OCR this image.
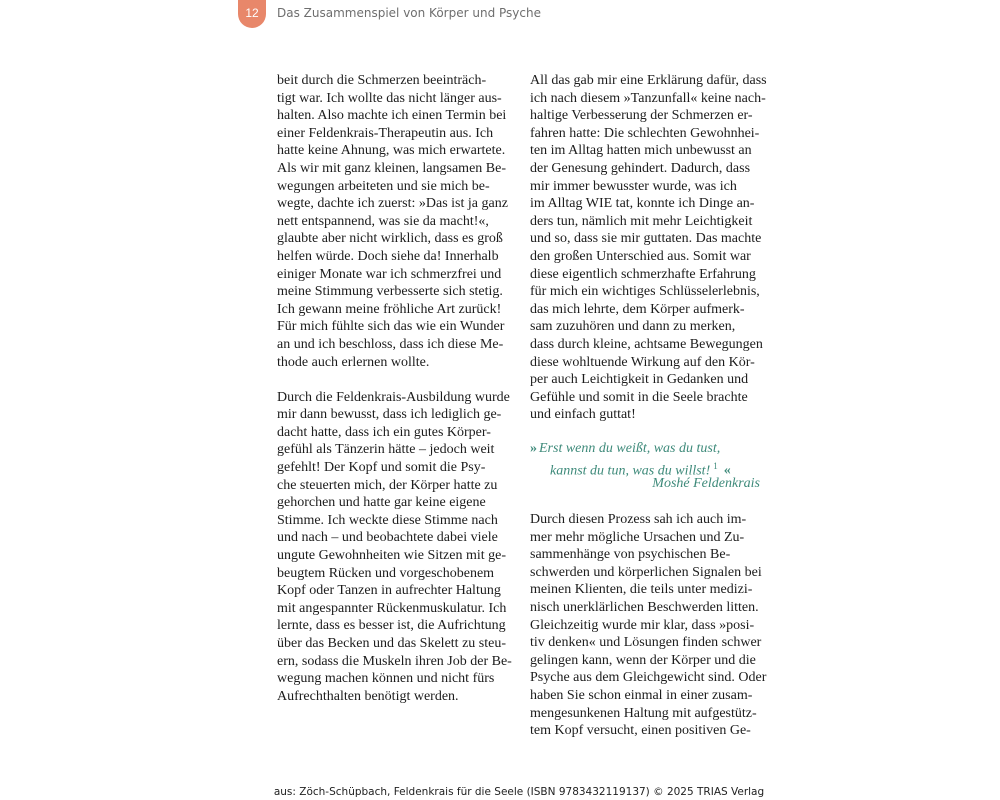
12 Das Zusammenspiel von Körper und Psyche
beit durch die Schmerzen beeinträch-
tigt war. Ich wollte das nicht länger aus-
halten. Also machte ich einen Termin bei
einer Feldenkrais-Therapeutin aus. Ich
hatte keine Ahnung, was mich erwartete.
Als wir mit ganz kleinen, langsamen Be-
wegungen arbeiteten und sie mich be-
wegte, dachte ich zuerst: »Das ist ja ganz
nett entspannend, was sie da macht!«,
glaubte aber nicht wirklich, dass es groß
helfen würde. Doch siehe da! Innerhalb
einiger Monate war ich schmerzfrei und
meine Stimmung verbesserte sich stetig.
Ich gewann meine fröhliche Art zurück!
Für mich fühlte sich das wie ein Wunder
an und ich beschloss, dass ich diese Me-
thode auch erlernen wollte.
Durch die Feldenkrais-Ausbildung wurde
mir dann bewusst, dass ich lediglich ge-
dacht hatte, dass ich ein gutes Körper-
gefühl als Tänzerin hätte – jedoch weit
gefehlt! Der Kopf und somit die Psy-
che steuerten mich, der Körper hatte zu
gehorchen und hatte gar keine eigene
Stimme. Ich weckte diese Stimme nach
und nach – und beobachtete dabei viele
ungute Gewohnheiten wie Sitzen mit ge-
beugtem Rücken und vorgeschobenem
Kopf oder Tanzen in aufrechter Haltung
mit angespannter Rückenmuskulatur. Ich
lernte, dass es besser ist, die Aufrichtung
über das Becken und das Skelett zu steu-
ern, sodass die Muskeln ihren Job der Be-
wegung machen können und nicht fürs
Aufrechthalten benötigt werden.
All das gab mir eine Erklärung dafür, dass
ich nach diesem »Tanzunfall« keine nach-
haltige Verbesserung der Schmerzen er-
fahren hatte: Die schlechten Gewohnhei-
ten im Alltag hatten mich unbewusst an
der Genesung gehindert. Dadurch, dass
mir immer bewusster wurde, was ich
im Alltag WIE tat, konnte ich Dinge an-
ders tun, nämlich mit mehr Leichtigkeit
und so, dass sie mir guttaten. Das machte
den großen Unterschied aus. Somit war
diese eigentlich schmerzhafte Erfahrung
für mich ein wichtiges Schlüsselerlebnis,
das mich lehrte, dem Körper aufmerk-
sam zuzuhören und dann zu merken,
dass durch kleine, achtsame Bewegungen
diese wohltuende Wirkung auf den Kör-
per auch Leichtigkeit in Gedanken und
Gefühle und somit in die Seele brachte
und einfach guttat!
» Erst wenn du weißt, was du tust,
kannst du tun, was du willst! $^1$ «
Moshé Feldenkrais
Durch diesen Prozess sah ich auch im-
mer mehr mögliche Ursachen und Zu-
sammenhänge von psychischen Be-
schwerden und körperlichen Signalen bei
meinen Klienten, die teils unter medizi-
nisch unerklärlichen Beschwerden litten.
Gleichzeitig wurde mir klar, dass »posi-
tiv denken« und Lösungen finden schwer
gelingen kann, wenn der Körper und die
Psyche aus dem Gleichgewicht sind. Oder
haben Sie schon einmal in einer zusam-
mengesunkenen Haltung mit aufgestütz-
tem Kopf versucht, einen positiven Ge-
aus: Zöch-Schüpbach, Feldenkrais für die Seele (ISBN 9783432119137) © 2025 TRIAS Verlag
